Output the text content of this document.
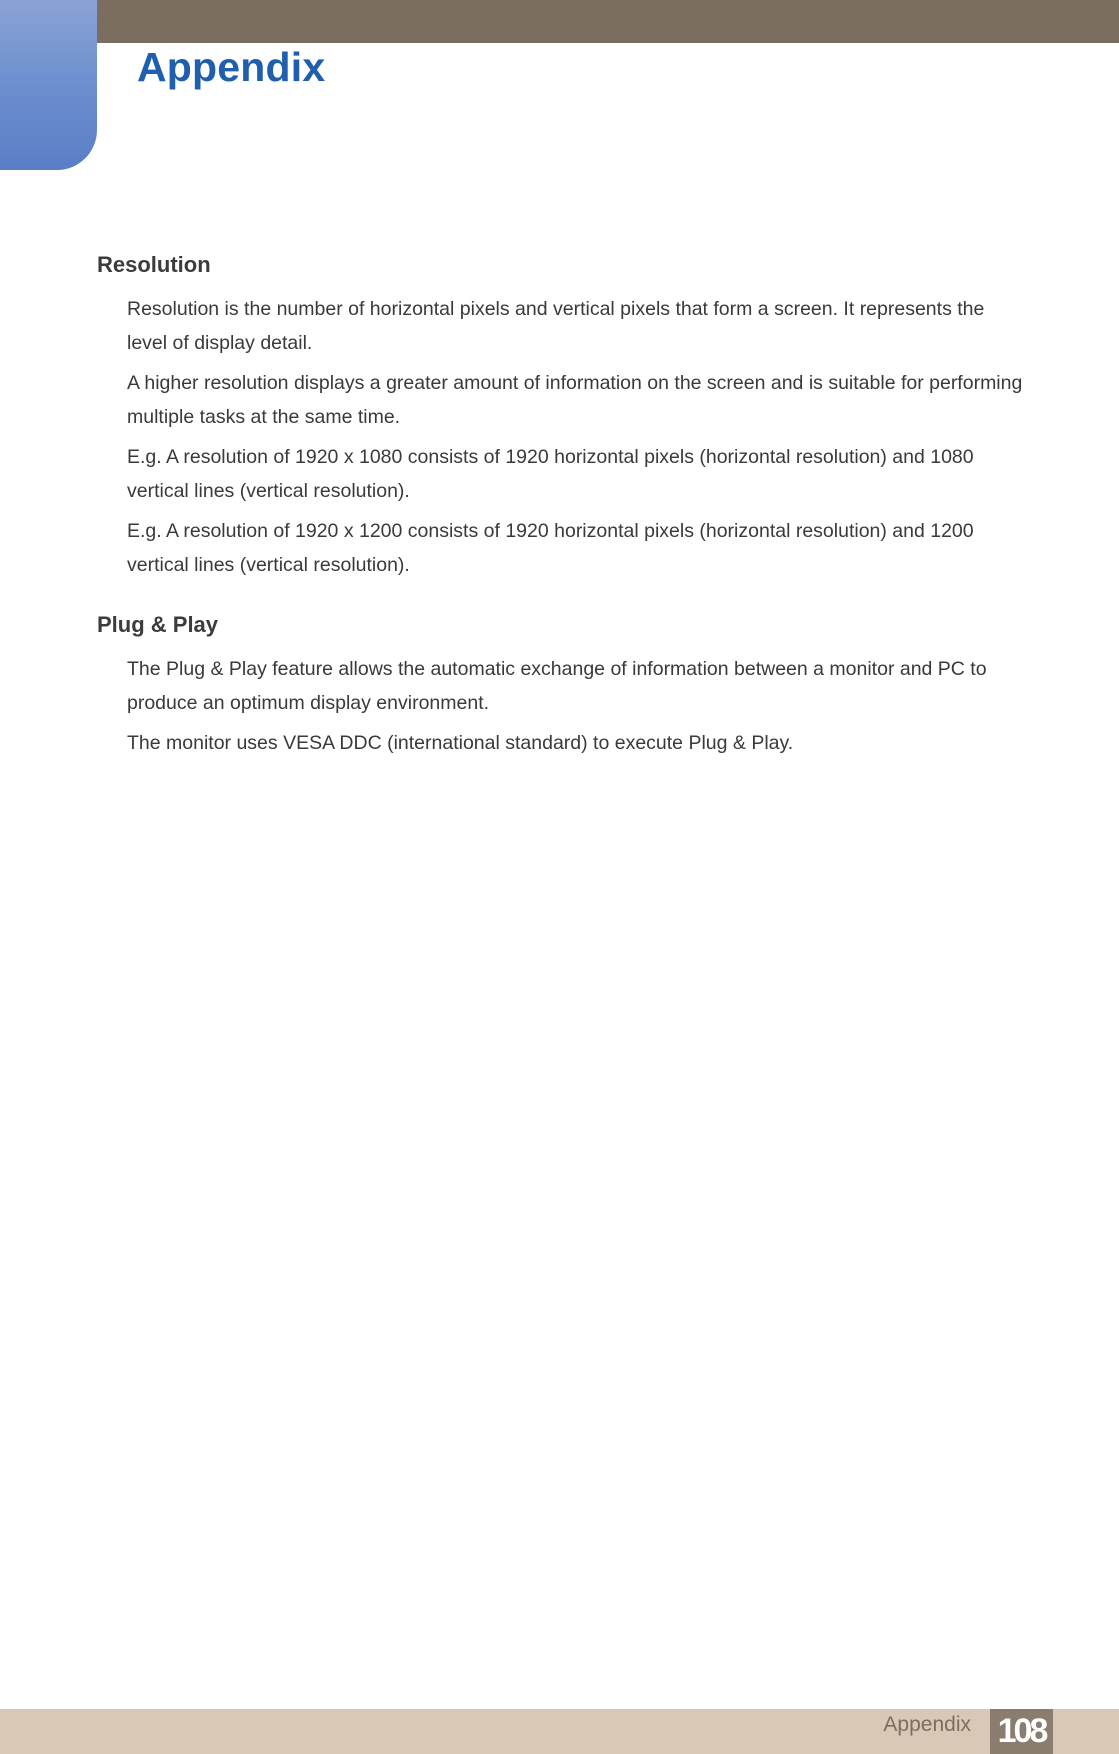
Appendix
Resolution

Resolution is the number of horizontal pixels and vertical pixels that form a screen. It represents the level of display detail.

A higher resolution displays a greater amount of information on the screen and is suitable for performing multiple tasks at the same time.

E.g. A resolution of 1920 x 1080 consists of 1920 horizontal pixels (horizontal resolution) and 1080 vertical lines (vertical resolution).

E.g. A resolution of 1920 x 1200 consists of 1920 horizontal pixels (horizontal resolution) and 1200 vertical lines (vertical resolution).

Plug & Play

The Plug & Play feature allows the automatic exchange of information between a monitor and PC to produce an optimum display environment.

The monitor uses VESA DDC (international standard) to execute Plug & Play.

Appendix 108
